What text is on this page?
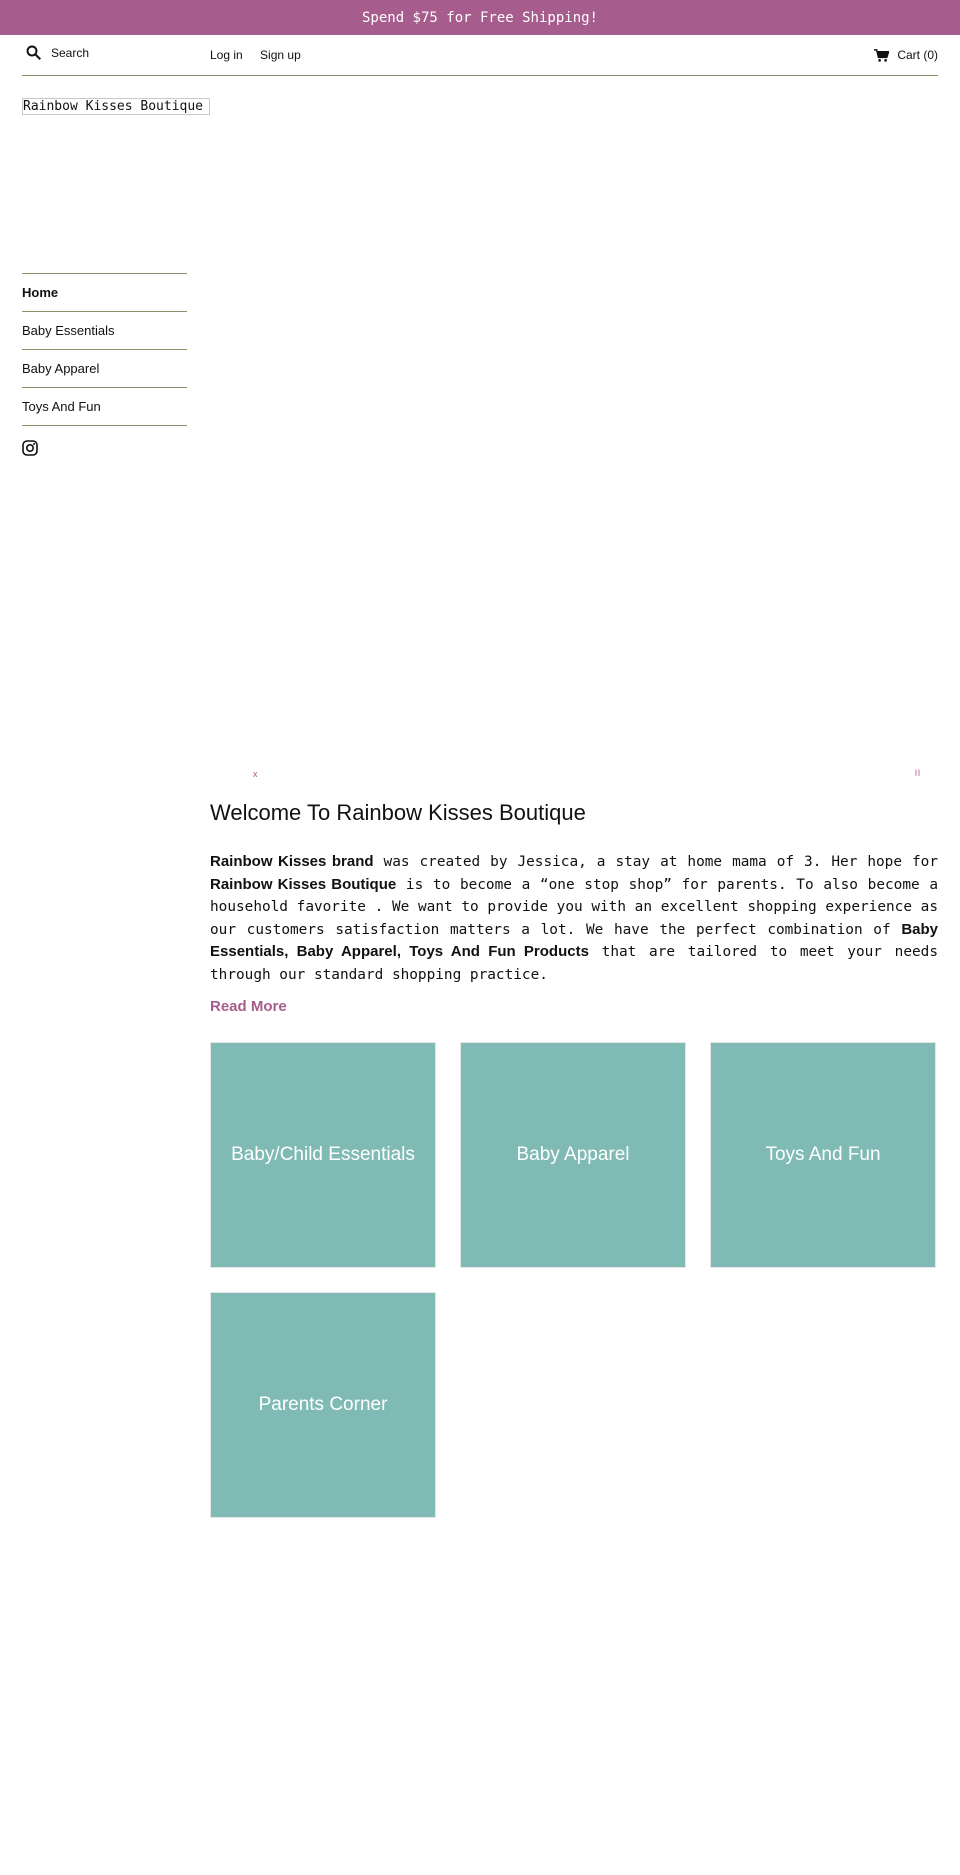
Spend $75 for Free Shipping!
Search
Log in Sign up	Cart (0)
Rainbow Kisses Boutique
Home
Baby Essentials
Baby Apparel
Toys And Fun
x	ll
Welcome To Rainbow Kisses Boutique

Rainbow Kisses brand was created by Jessica, a stay at home mama of 3. Her hope for Rainbow Kisses Boutique is to become a “one stop shop” for parents. To also become a household favorite . We want to provide you with an excellent shopping experience as our customers satisfaction matters a lot. We have the perfect combination of Baby Essentials, Baby Apparel, Toys And Fun Products that are tailored to meet your needs through our standard shopping practice.

Read More
Baby/Child Essentials	Baby Apparel	Toys And Fun
Parents Corner
